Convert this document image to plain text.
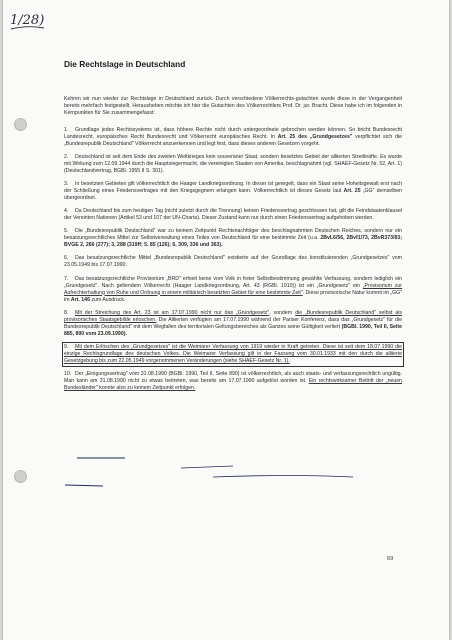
1/28)
Die Rechtslage in Deutschland

Kehren wir nun wieder zur Rechtslage in Deutschland zurück. Durch verschiedene Völkerrechts-gutachten wurde diese in der Vergangenheit bereits mehrfach festgestellt. Herausheben möchte ich hier die Gutachten des Völkerrechtlers Prof. Dr. jur. Bracht. Diese habe ich im folgenden in Kernpunkten für Sie zusammengefasst:

1. Grundlage jedes Rechtssystems ist, dass höhere Rechte nicht durch untergeordnete gebrochen werden können. So bricht Bundesrecht Landesrecht, europäisches Recht Bundesrecht und Völkerrecht europäisches Recht. In Art. 25 des „Grundgesetzes" verpflichtet sich die „Bundesrepublik Deutschland" Völkerrecht anzuerkennen und legt fest, dass dieses anderen Gesetzen vorgeht.

2. Deutschland ist seit dem Ende des zweiten Weltkrieges kein souveräner Staat, sondern besetztes Gebiet der alliierten Streitkräfte. Es wurde mit Wirkung zum 12.09.1944 durch die Hauptsiegermacht, die vereinigten Staaten von Amerika, beschlagnahmt (vgl. SHAEF-Gesetz Nr. 52, Art. 1) (Deutschlandvertrag, BGBl. 1955 II S. 301).

3. In besetzten Gebieten gilt völkerrechtlich die Haager Landkriegsordnung. In dieser ist geregelt, dass ein Staat seine Hoheitsgewalt erst nach der Schließung eines Friedensvertrages mit den Kriegsgegnern erlangen kann. Völkerrechtlich ist dieses Gesetz laut Art. 25 „GG" demselben übergeordnet.

4. Da Deutschland bis zum heutigen Tag (nicht zuletzt durch die Trennung) keinen Friedensvertrag geschlossen hat, gilt die Feindstaatenklausel der Vereinten Nationen (Artikel 53 und 107 der UN-Charta). Dieser Zustand kann nur durch einen Friedensvertrag aufgehoben werden.

5. Die „Bundesrepublik Deutschland" war zu keinem Zeitpunkt Rechtsnachfolger des beschlagnahmten Deutschen Reiches, sondern nur ein besatzungsrechtliches Mittel zur Selbstverwaltung eines Teiles von Deutschland für eine bestimmte Zeit (u.a. 2BvL6/56, 2Bvf1/73, 2BvR373/83; BVGE 2, 266 (277); 3, 288 (319ff; 5. 85 (126); 6, 309, 336 und 363).

6. Das besatzungsrechtliche Mittel „Bundesrepublik Deutschland" existierte auf der Grundlage des konstituierenden „Grundgesetzes" vom 23.05.1949 bis 17.07.1990.

7. Das besatzungsrechtliche Provisorium „BRD" erhielt keine vom Volk in freier Selbstbestimmung gewählte Verfassung, sondern lediglich ein „Grundgesetz". Nach geltendem Völkerrecht (Haager Landkriegsordnung, Art. 43 (RGBl. 1910)) ist ein „Grundgesetz" ein „Provisorium zur Aufrechterhaltung von Ruhe und Ordnung in einem militärisch besetzten Gebiet für eine bestimmte Zeit". Diese provisorische Natur kommt im „GG" im Art. 146 zum Ausdruck.

8. Mit der Streichung des Art. 23 ist am 17.07.1990 nicht nur das „Grundgesetz", sondern die „Bundesrepublik Deutschland" selbst als provisorisches Staatsgebilde erloschen. Die Alliierten verfügten am 17.07.1990 während der Pariser Konferenz, dass das „Grundgesetz" für die Bundesrepublik Deutschland" mit dem Wegfallen des territorialen Geltungsbereiches als Ganzes seine Gültigkeit verliert (BGBl. 1990, Teil II, Seite 885, 890 vom 23.09.1990).

9. Mit dem Erlöschen des „Grundgesetzes" ist die Weimarer Verfassung von 1919 wieder in Kraft getreten. Diese ist seit dem 18.07.1990 die einzige Rechtsgrundlage des deutschen Volkes. Die Weimarer Verfassung gilt in der Fassung vom 30.01.1933 mit den durch die alliierte Gesetzgebung bis zum 22.05.1949 vorgenommenen Veränderungen (siehe SHAEF-Gesetz Nr. 1).

10. Der „Einigungsvertrag" vom 31.08.1990 (BGBl. 1990, Teil II, Seite 890) ist völkerrechtlich, als auch staats- und verfassungsrechtlich ungültig. Man kann am 31.08.1990 nicht zu etwas beitreten, was bereits am 17.07.1990 aufgelöst worden ist. Ein rechtswirksamer Beitritt der „neuen Bundesländer" konnte also zu keinem Zeitpunkt erfolgen.

69
